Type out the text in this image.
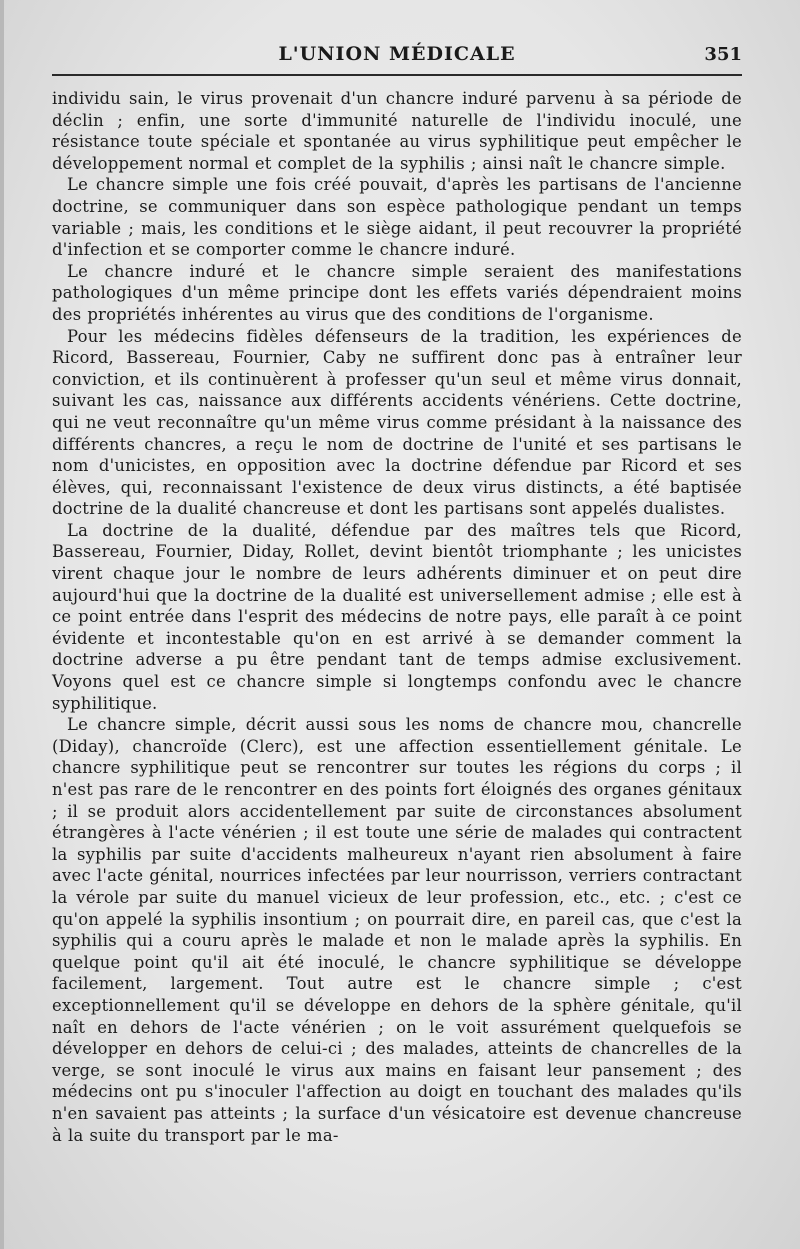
L'UNION MÉDICALE	351

individu sain, le virus provenait d'un chancre induré parvenu à sa période de déclin ; enfin, une sorte d'immunité naturelle de l'individu inoculé, une résistance toute spéciale et spontanée au virus syphilitique peut empêcher le développement normal et complet de la syphilis ; ainsi naît le chancre simple.

Le chancre simple une fois créé pouvait, d'après les partisans de l'ancienne doctrine, se communiquer dans son espèce pathologique pendant un temps variable ; mais, les conditions et le siège aidant, il peut recouvrer la propriété d'infection et se comporter comme le chancre induré.

Le chancre induré et le chancre simple seraient des manifestations pathologiques d'un même principe dont les effets variés dépendraient moins des propriétés inhérentes au virus que des conditions de l'organisme.

Pour les médecins fidèles défenseurs de la tradition, les expériences de Ricord, Bassereau, Fournier, Caby ne suffirent donc pas à entraîner leur conviction, et ils continuèrent à professer qu'un seul et même virus donnait, suivant les cas, naissance aux différents accidents vénériens. Cette doctrine, qui ne veut reconnaître qu'un même virus comme présidant à la naissance des différents chancres, a reçu le nom de doctrine de l'unité et ses partisans le nom d'unicistes, en opposition avec la doctrine défendue par Ricord et ses élèves, qui, reconnaissant l'existence de deux virus distincts, a été baptisée doctrine de la dualité chancreuse et dont les partisans sont appelés dualistes.

La doctrine de la dualité, défendue par des maîtres tels que Ricord, Bassereau, Fournier, Diday, Rollet, devint bientôt triomphante ; les unicistes virent chaque jour le nombre de leurs adhérents diminuer et on peut dire aujourd'hui que la doctrine de la dualité est universellement admise ; elle est à ce point entrée dans l'esprit des médecins de notre pays, elle paraît à ce point évidente et incontestable qu'on en est arrivé à se demander comment la doctrine adverse a pu être pendant tant de temps admise exclusivement. Voyons quel est ce chancre simple si longtemps confondu avec le chancre syphilitique.

Le chancre simple, décrit aussi sous les noms de chancre mou, chancrelle (Diday), chancroïde (Clerc), est une affection essentiellement génitale. Le chancre syphilitique peut se rencontrer sur toutes les régions du corps ; il n'est pas rare de le rencontrer en des points fort éloignés des organes génitaux ; il se produit alors accidentellement par suite de circonstances absolument étrangères à l'acte vénérien ; il est toute une série de malades qui contractent la syphilis par suite d'accidents malheureux n'ayant rien absolument à faire avec l'acte génital, nourrices infectées par leur nourrisson, verriers contractant la vérole par suite du manuel vicieux de leur profession, etc., etc. ; c'est ce qu'on appelé la syphilis insontium ; on pourrait dire, en pareil cas, que c'est la syphilis qui a couru après le malade et non le malade après la syphilis. En quelque point qu'il ait été inoculé, le chancre syphilitique se développe facilement, largement. Tout autre est le chancre simple ; c'est exceptionnellement qu'il se développe en dehors de la sphère génitale, qu'il naît en dehors de l'acte vénérien ; on le voit assurément quelquefois se développer en dehors de celui-ci ; des malades, atteints de chancrelles de la verge, se sont inoculé le virus aux mains en faisant leur pansement ; des médecins ont pu s'inoculer l'affection au doigt en touchant des malades qu'ils n'en savaient pas atteints ; la surface d'un vésicatoire est devenue chancreuse à la suite du transport par le ma-
